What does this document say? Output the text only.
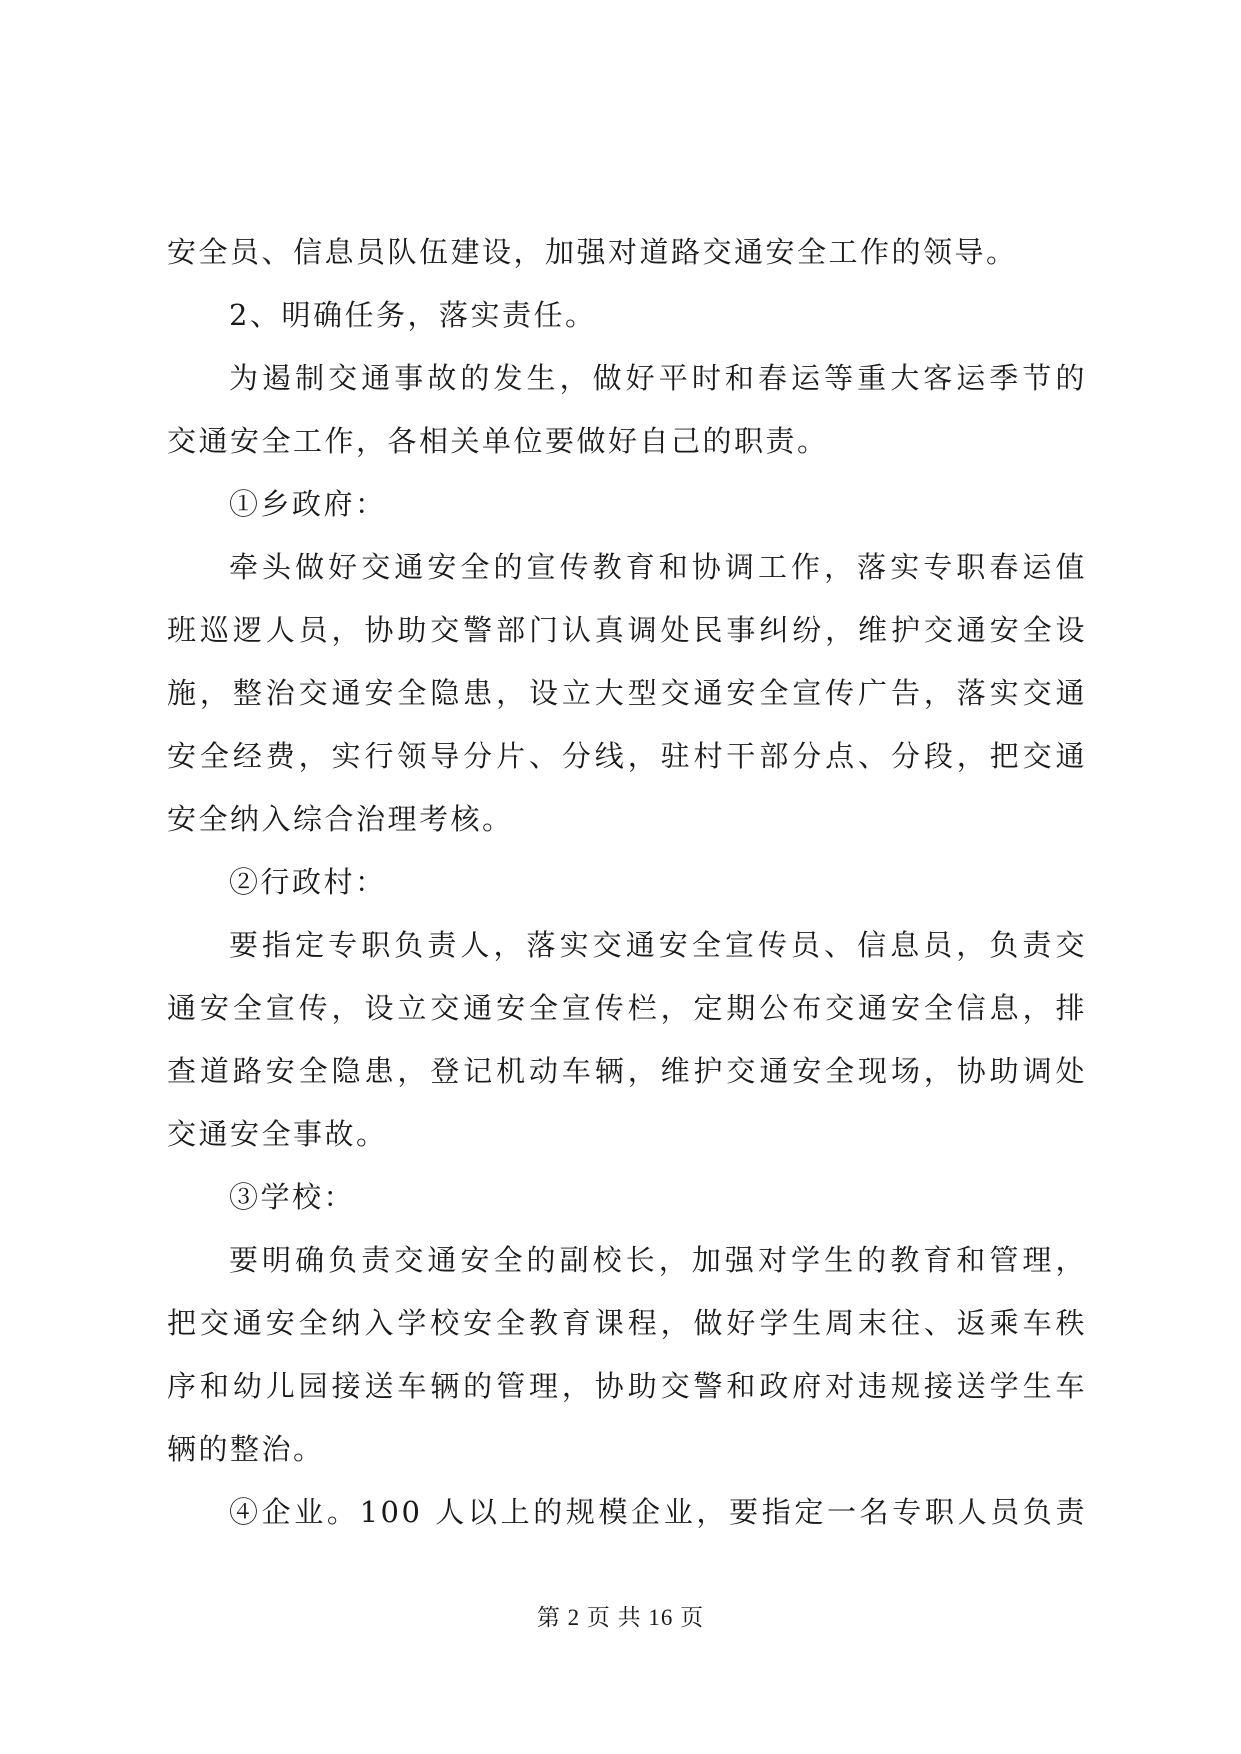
安全员、信息员队伍建设，加强对道路交通安全工作的领导。
2、明确任务，落实责任。
为遏制交通事故的发生，做好平时和春运等重大客运季节的
交通安全工作，各相关单位要做好自己的职责。
①乡政府：
牵头做好交通安全的宣传教育和协调工作，落实专职春运值
班巡逻人员，协助交警部门认真调处民事纠纷，维护交通安全设
施，整治交通安全隐患，设立大型交通安全宣传广告，落实交通
安全经费，实行领导分片、分线，驻村干部分点、分段，把交通
安全纳入综合治理考核。
②行政村：
要指定专职负责人，落实交通安全宣传员、信息员，负责交
通安全宣传，设立交通安全宣传栏，定期公布交通安全信息，排
查道路安全隐患，登记机动车辆，维护交通安全现场，协助调处
交通安全事故。
③学校：
要明确负责交通安全的副校长，加强对学生的教育和管理，
把交通安全纳入学校安全教育课程，做好学生周末往、返乘车秩
序和幼儿园接送车辆的管理，协助交警和政府对违规接送学生车
辆的整治。
④企业。100 人以上的规模企业，要指定一名专职人员负责
第 2 页 共 16 页
